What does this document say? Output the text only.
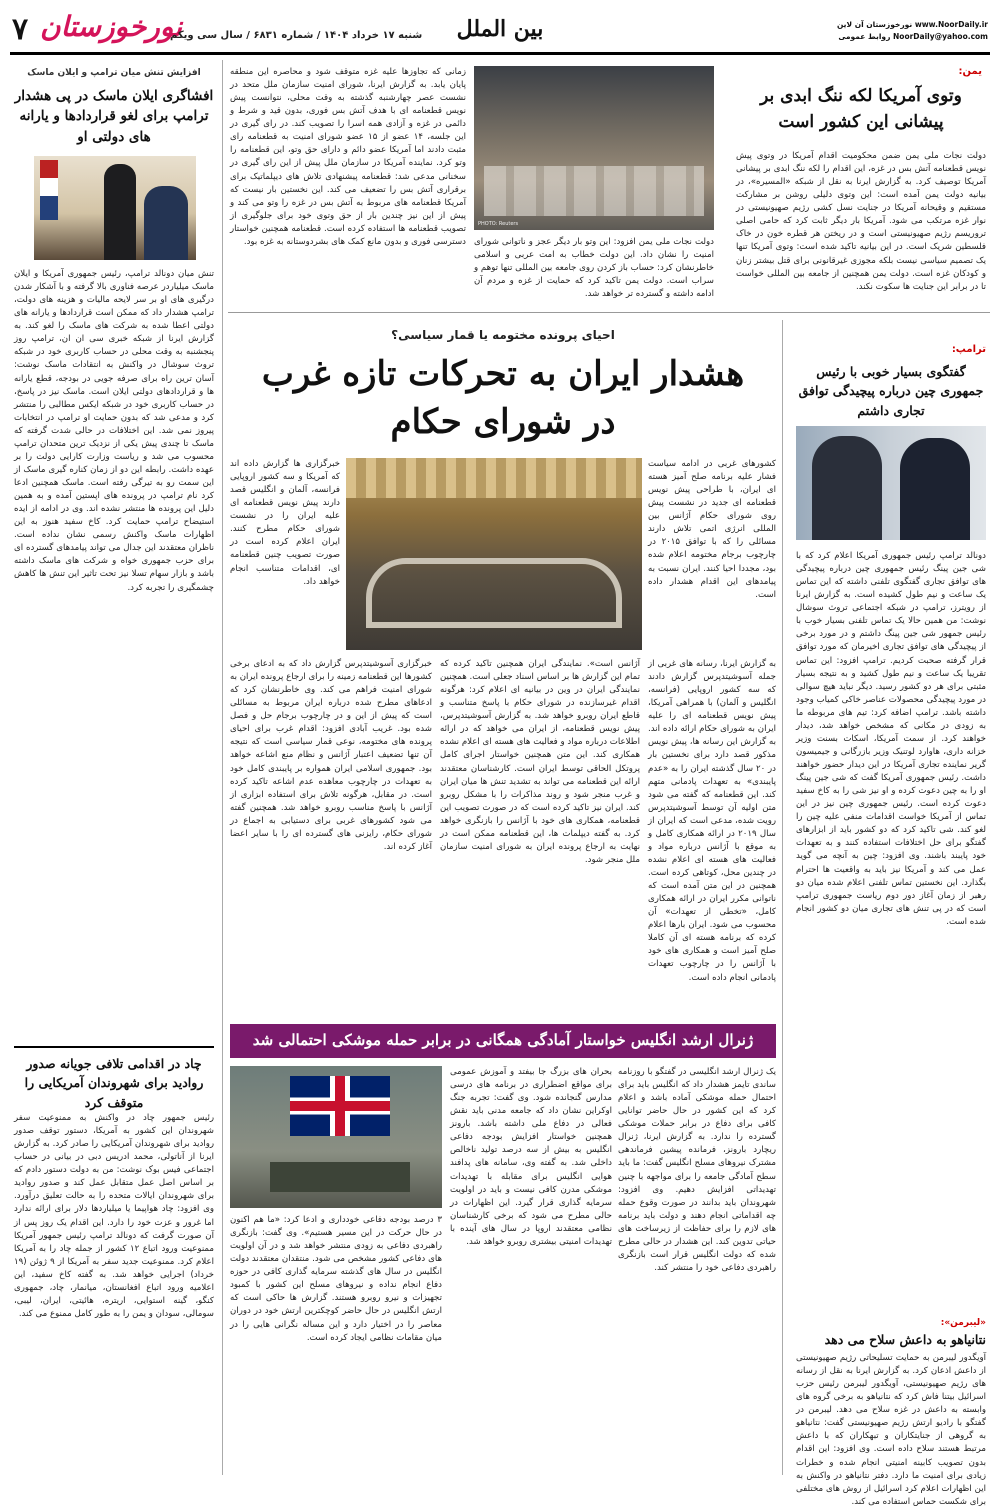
۷ نورخوزستان
شنبه ۱۷ خرداد ۱۴۰۴ / شماره ۶۸۳۱ / سال سی ویکم	بین الملل	www.NoorDaily.ir نورخوزستان آن لاین
NoorDaily@yahoo.com روابط عمومی
یمن:
وتوی آمریکا لکه ننگ ابدی بر پیشانی این کشور است
دولت نجات ملی یمن ضمن محکومیت اقدام آمریکا در وتوی پیش نویس قطعنامه آتش بس در غزه، این اقدام را لکه ننگ ابدی بر پیشانی آمریکا توصیف کرد. به گزارش ایرنا به نقل از شبکه «المسیره»، در بیانیه دولت یمن آمده است: این وتوی دلیلی روشن بر مشارکت مستقیم و وقیحانه آمریکا در جنایت نسل کشی رژیم صهیونیستی در نوار غزه مرتکب می شود. آمریکا بار دیگر ثابت کرد که حامی اصلی تروریسم رژیم صهیونیستی است و در ریختن هر قطره خون در خاک فلسطین شریک است. در این بیانیه تاکید شده است: وتوی آمریکا تنها یک تصمیم سیاسی نیست بلکه مجوزی غیرقانونی برای قتل بیشتر زنان و کودکان غزه است. دولت یمن همچنین از جامعه بین المللی خواست تا در برابر این جنایت ها سکوت نکند.
PHOTO: Reuters
دولت نجات ملی یمن افزود: این وتو بار دیگر عجز و ناتوانی شورای امنیت را نشان داد. این دولت خطاب به امت عربی و اسلامی خاطرنشان کرد: حساب باز کردن روی جامعه بین المللی تنها توهم و سراب است. دولت یمن تاکید کرد که حمایت از غزه و مردم آن ادامه داشته و گسترده تر خواهد شد.
زمانی که تجاوزها علیه غزه متوقف شود و محاصره این منطقه پایان یابد. به گزارش ایرنا، شورای امنیت سازمان ملل متحد در نشست عصر چهارشنبه گذشته به وقت محلی، نتوانست پیش نویس قطعنامه ای با هدف آتش بس فوری، بدون قید و شرط و دائمی در غزه و آزادی همه اسرا را تصویب کند. در رای گیری در این جلسه، ۱۴ عضو از ۱۵ عضو شورای امنیت به قطعنامه رای مثبت دادند اما آمریکا عضو دائم و دارای حق وتو، این قطعنامه را وتو کرد. نماینده آمریکا در سازمان ملل پیش از این رای گیری در سخنانی مدعی شد: قطعنامه پیشنهادی تلاش های دیپلماتیک برای برقراری آتش بس را تضعیف می کند. این نخستین بار نیست که آمریکا قطعنامه های مربوط به آتش بس در غزه را وتو می کند و پیش از این نیز چندین بار از حق وتوی خود برای جلوگیری از تصویب قطعنامه ها استفاده کرده است. قطعنامه همچنین خواستار دسترسی فوری و بدون مانع کمک های بشردوستانه به غزه بود.
افزایش تنش میان ترامپ و ایلان ماسک
افشاگری ایلان ماسک در پی هشدار ترامپ برای لغو قراردادها و یارانه های دولتی او
تنش میان دونالد ترامپ، رئیس جمهوری آمریکا و ایلان ماسک میلیاردر عرصه فناوری بالا گرفته و با آشکار شدن درگیری های او بر سر لایحه مالیات و هزینه های دولت، ترامپ هشدار داد که ممکن است قراردادها و یارانه های دولتی اعطا شده به شرکت های ماسک را لغو کند. به گزارش ایرنا از شبکه خبری سی ان ان، ترامپ روز پنجشنبه به وقت محلی در حساب کاربری خود در شبکه تروث سوشال در واکنش به انتقادات ماسک نوشت: آسان ترین راه برای صرفه جویی در بودجه، قطع یارانه ها و قراردادهای دولتی ایلان است. ماسک نیز در پاسخ، در حساب کاربری خود در شبکه ایکس مطالبی را منتشر کرد و مدعی شد که بدون حمایت او ترامپ در انتخابات پیروز نمی شد. این اختلافات در حالی شدت گرفته که ماسک تا چندی پیش یکی از نزدیک ترین متحدان ترامپ محسوب می شد و ریاست وزارت کارایی دولت را بر عهده داشت. رابطه این دو از زمان کناره گیری ماسک از این سمت رو به تیرگی رفته است. ماسک همچنین ادعا کرد نام ترامپ در پرونده های اپستین آمده و به همین دلیل این پرونده ها منتشر نشده اند. وی در ادامه از ایده استیضاح ترامپ حمایت کرد. کاخ سفید هنوز به این اظهارات ماسک واکنش رسمی نشان نداده است. ناظران معتقدند این جدال می تواند پیامدهای گسترده ای برای حزب جمهوری خواه و شرکت های ماسک داشته باشد و بازار سهام تسلا نیز تحت تاثیر این تنش ها کاهش چشمگیری را تجربه کرد.
چاد در اقدامی تلافی جویانه صدور روادید برای شهروندان آمریکایی را متوقف کرد
رئیس جمهور چاد در واکنش به ممنوعیت سفر شهروندان این کشور به آمریکا، دستور توقف صدور روادید برای شهروندان آمریکایی را صادر کرد. به گزارش ایرنا از آناتولی، محمد ادریس دبی در بیانی در حساب اجتماعی فیس بوک نوشت: من به دولت دستور دادم که بر اساس اصل عمل متقابل عمل کند و صدور روادید برای شهروندان ایالات متحده را به حالت تعلیق درآورد. وی افزود: چاد هواپیما یا میلیاردها دلار برای ارائه ندارد اما غرور و عزت خود را دارد. این اقدام یک روز پس از آن صورت گرفت که دونالد ترامپ رئیس جمهور آمریکا ممنوعیت ورود اتباع ۱۲ کشور از جمله چاد را به آمریکا اعلام کرد. ممنوعیت جدید سفر به آمریکا از ۹ ژوئن (۱۹ خرداد) اجرایی خواهد شد. به گفته کاخ سفید، این اعلامیه ورود اتباع افغانستان، میانمار، چاد، جمهوری کنگو، گینه استوایی، اریتره، هائیتی، ایران، لیبی، سومالی، سودان و یمن را به طور کامل ممنوع می کند.
ترامپ:
گفتگوی بسیار خوبی با رئیس جمهوری چین درباره پیچیدگی توافق تجاری داشتم
دونالد ترامپ رئیس جمهوری آمریکا اعلام کرد که با شی جین پینگ رئیس جمهوری چین درباره پیچیدگی های توافق تجاری گفتگوی تلفنی داشته که این تماس یک ساعت و نیم طول کشیده است. به گزارش ایرنا از رویترز، ترامپ در شبکه اجتماعی تروث سوشال نوشت: من همین حالا یک تماس تلفنی بسیار خوب با رئیس جمهور شی جین پینگ داشتم و در مورد برخی از پیچیدگی های توافق تجاری اخیرمان که مورد توافق قرار گرفته صحبت کردیم. ترامپ افزود: این تماس تقریبا یک ساعت و نیم طول کشید و به نتیجه بسیار مثبتی برای هر دو کشور رسید. دیگر نباید هیچ سوالی در مورد پیچیدگی محصولات عناصر خاکی کمیاب وجود داشته باشد. ترامپ اضافه کرد: تیم های مربوطه ما به زودی در مکانی که مشخص خواهد شد، دیدار خواهند کرد. از سمت آمریکا، اسکات بسنت وزیر خزانه داری، هاوارد لوتنیک وزیر بازرگانی و جیمیسون گریر نماینده تجاری آمریکا در این دیدار حضور خواهند داشت. رئیس جمهوری آمریکا گفت که شی جین پینگ او را به چین دعوت کرده و او نیز شی را به کاخ سفید دعوت کرده است. رئیس جمهوری چین نیز در این تماس از آمریکا خواست اقدامات منفی علیه چین را لغو کند. شی تاکید کرد که دو کشور باید از ابزارهای گفتگو برای حل اختلافات استفاده کنند و به تعهدات خود پایبند باشند. وی افزود: چین به آنچه می گوید عمل می کند و آمریکا نیز باید به واقعیت ها احترام بگذارد. این نخستین تماس تلفنی اعلام شده میان دو رهبر از زمان آغاز دور دوم ریاست جمهوری ترامپ است که در پی تنش های تجاری میان دو کشور انجام شده است.
«لیبرمن»:
نتانیاهو به داعش سلاح می دهد
آویگدور لیبرمن به حمایت تسلیحاتی رژیم صهیونیستی از داعش اذعان کرد. به گزارش ایرنا به نقل از رسانه های رژیم صهیونیستی، آویگدور لیبرمن رئیس حزب اسرائیل بیتنا فاش کرد که نتانیاهو به برخی گروه های وابسته به داعش در غزه سلاح می دهد. لیبرمن در گفتگو با رادیو ارتش رژیم صهیونیستی گفت: نتانیاهو به گروهی از جنایتکاران و تبهکاران که با داعش مرتبط هستند سلاح داده است. وی افزود: این اقدام بدون تصویب کابینه امنیتی انجام شده و خطرات زیادی برای امنیت ما دارد. دفتر نتانیاهو در واکنش به این اظهارات اعلام کرد اسرائیل از روش های مختلفی برای شکست حماس استفاده می کند.
احیای پرونده مختومه یا قمار سیاسی؟
هشدار ایران به تحرکات تازه غرب در شورای حکام
کشورهای غربی در ادامه سیاست فشار علیه برنامه صلح آمیز هسته ای ایران، با طراحی پیش نویس قطعنامه ای جدید در نشست پیش روی شورای حکام آژانس بین المللی انرژی اتمی تلاش دارند مسائلی را که با توافق ۲۰۱۵ در چارچوب برجام مختومه اعلام شده بود، مجددا احیا کنند. ایران نسبت به پیامدهای این اقدام هشدار داده است.
خبرگزاری ها گزارش داده اند که آمریکا و سه کشور اروپایی فرانسه، آلمان و انگلیس قصد دارند پیش نویس قطعنامه ای علیه ایران را در نشست شورای حکام مطرح کنند. ایران اعلام کرده است در صورت تصویب چنین قطعنامه ای، اقدامات متناسب انجام خواهد داد.
به گزارش ایرنا، رسانه های غربی از جمله آسوشیتدپرس گزارش دادند که سه کشور اروپایی (فرانسه، انگلیس و آلمان) با همراهی آمریکا، پیش نویس قطعنامه ای را علیه ایران به شورای حکام ارائه داده اند. به گزارش این رسانه ها، پیش نویس مذکور قصد دارد برای نخستین بار در ۲۰ سال گذشته ایران را به «عدم پایبندی» به تعهدات پادمانی متهم کند. این قطعنامه که گفته می شود متن اولیه آن توسط آسوشیتدپرس رویت شده، مدعی است که ایران از سال ۲۰۱۹ در ارائه همکاری کامل و به موقع با آژانس درباره مواد و فعالیت های هسته ای اعلام نشده در چندین محل، کوتاهی کرده است. همچنین در این متن آمده است که ناتوانی مکرر ایران در ارائه همکاری کامل، «تخطی از تعهدات» آن محسوب می شود. ایران بارها اعلام کرده که برنامه هسته ای آن کاملا صلح آمیز است و همکاری های خود با آژانس را در چارچوب تعهدات پادمانی انجام داده است.
آژانس است». نمایندگی ایران همچنین تاکید کرده که تمام این گزارش ها بر اساس اسناد جعلی است. همچنین نمایندگی ایران در وین در بیانیه ای اعلام کرد: هرگونه اقدام غیرسازنده در شورای حکام با پاسخ متناسب و قاطع ایران روبرو خواهد شد. به گزارش آسوشیتدپرس، پیش نویس قطعنامه، از ایران می خواهد که در ارائه اطلاعات درباره مواد و فعالیت های هسته ای اعلام نشده همکاری کند. این متن همچنین خواستار اجرای کامل پروتکل الحاقی توسط ایران است. کارشناسان معتقدند ارائه این قطعنامه می تواند به تشدید تنش ها میان ایران و غرب منجر شود و روند مذاکرات را با مشکل روبرو کند. ایران نیز تاکید کرده است که در صورت تصویب این قطعنامه، همکاری های خود با آژانس را بازنگری خواهد کرد. به گفته دیپلمات ها، این قطعنامه ممکن است در نهایت به ارجاع پرونده ایران به شورای امنیت سازمان ملل منجر شود.
خبرگزاری آسوشیتدپرس گزارش داد که به ادعای برخی کشورها این قطعنامه زمینه را برای ارجاع پرونده ایران به شورای امنیت فراهم می کند. وی خاطرنشان کرد که ادعاهای مطرح شده درباره ایران مربوط به مسائلی است که پیش از این و در چارچوب برجام حل و فصل شده بود. غریب آبادی افزود: اقدام غرب برای احیای پرونده های مختومه، نوعی قمار سیاسی است که نتیجه آن تنها تضعیف اعتبار آژانس و نظام منع اشاعه خواهد بود. جمهوری اسلامی ایران همواره بر پایبندی کامل خود به تعهدات در چارچوب معاهده عدم اشاعه تاکید کرده است. در مقابل، هرگونه تلاش برای استفاده ابزاری از آژانس با پاسخ مناسب روبرو خواهد شد. همچنین گفته می شود کشورهای غربی برای دستیابی به اجماع در شورای حکام، رایزنی های گسترده ای را با سایر اعضا آغاز کرده اند.
ژنرال ارشد انگلیس خواستار آمادگی همگانی در برابر حمله موشکی احتمالی شد
یک ژنرال ارشد انگلیسی در گفتگو با روزنامه ساندی تایمز هشدار داد که انگلیس باید برای احتمال حمله موشکی آماده باشد و اعلام کرد که این کشور در حال حاضر توانایی کافی برای دفاع در برابر حملات موشکی گسترده را ندارد. به گزارش ایرنا، ژنرال ریچارد بارونز، فرمانده پیشین فرماندهی مشترک نیروهای مسلح انگلیس گفت: ما باید سطح آمادگی جامعه را برای مواجهه با چنین تهدیداتی افزایش دهیم. وی افزود: شهروندان باید بدانند در صورت وقوع حمله چه اقداماتی انجام دهند و دولت باید برنامه های لازم را برای حفاظت از زیرساخت های حیاتی تدوین کند. این هشدار در حالی مطرح شده که دولت انگلیس قرار است بازنگری راهبردی دفاعی خود را منتشر کند.
بحران های بزرگ جا بیفتد و آموزش عمومی برای مواقع اضطراری در برنامه های درسی مدارس گنجانده شود. وی گفت: تجربه جنگ اوکراین نشان داد که جامعه مدنی باید نقش فعالی در دفاع ملی داشته باشد. بارونز همچنین خواستار افزایش بودجه دفاعی انگلیس به بیش از سه درصد تولید ناخالص داخلی شد. به گفته وی، سامانه های پدافند هوایی انگلیس برای مقابله با تهدیدات موشکی مدرن کافی نیست و باید در اولویت سرمایه گذاری قرار گیرد. این اظهارات در حالی مطرح می شود که برخی کارشناسان نظامی معتقدند اروپا در سال های آینده با تهدیدات امنیتی بیشتری روبرو خواهد شد.
۳ درصد بودجه دفاعی خودداری و ادعا کرد: «ما هم اکنون در حال حرکت در این مسیر هستیم». وی گفت: بازنگری راهبردی دفاعی به زودی منتشر خواهد شد و در آن اولویت های دفاعی کشور مشخص می شود. منتقدان معتقدند دولت انگلیس در سال های گذشته سرمایه گذاری کافی در حوزه دفاع انجام نداده و نیروهای مسلح این کشور با کمبود تجهیزات و نیرو روبرو هستند. گزارش ها حاکی است که ارتش انگلیس در حال حاضر کوچکترین ارتش خود در دوران معاصر را در اختیار دارد و این مساله نگرانی هایی را در میان مقامات نظامی ایجاد کرده است.
